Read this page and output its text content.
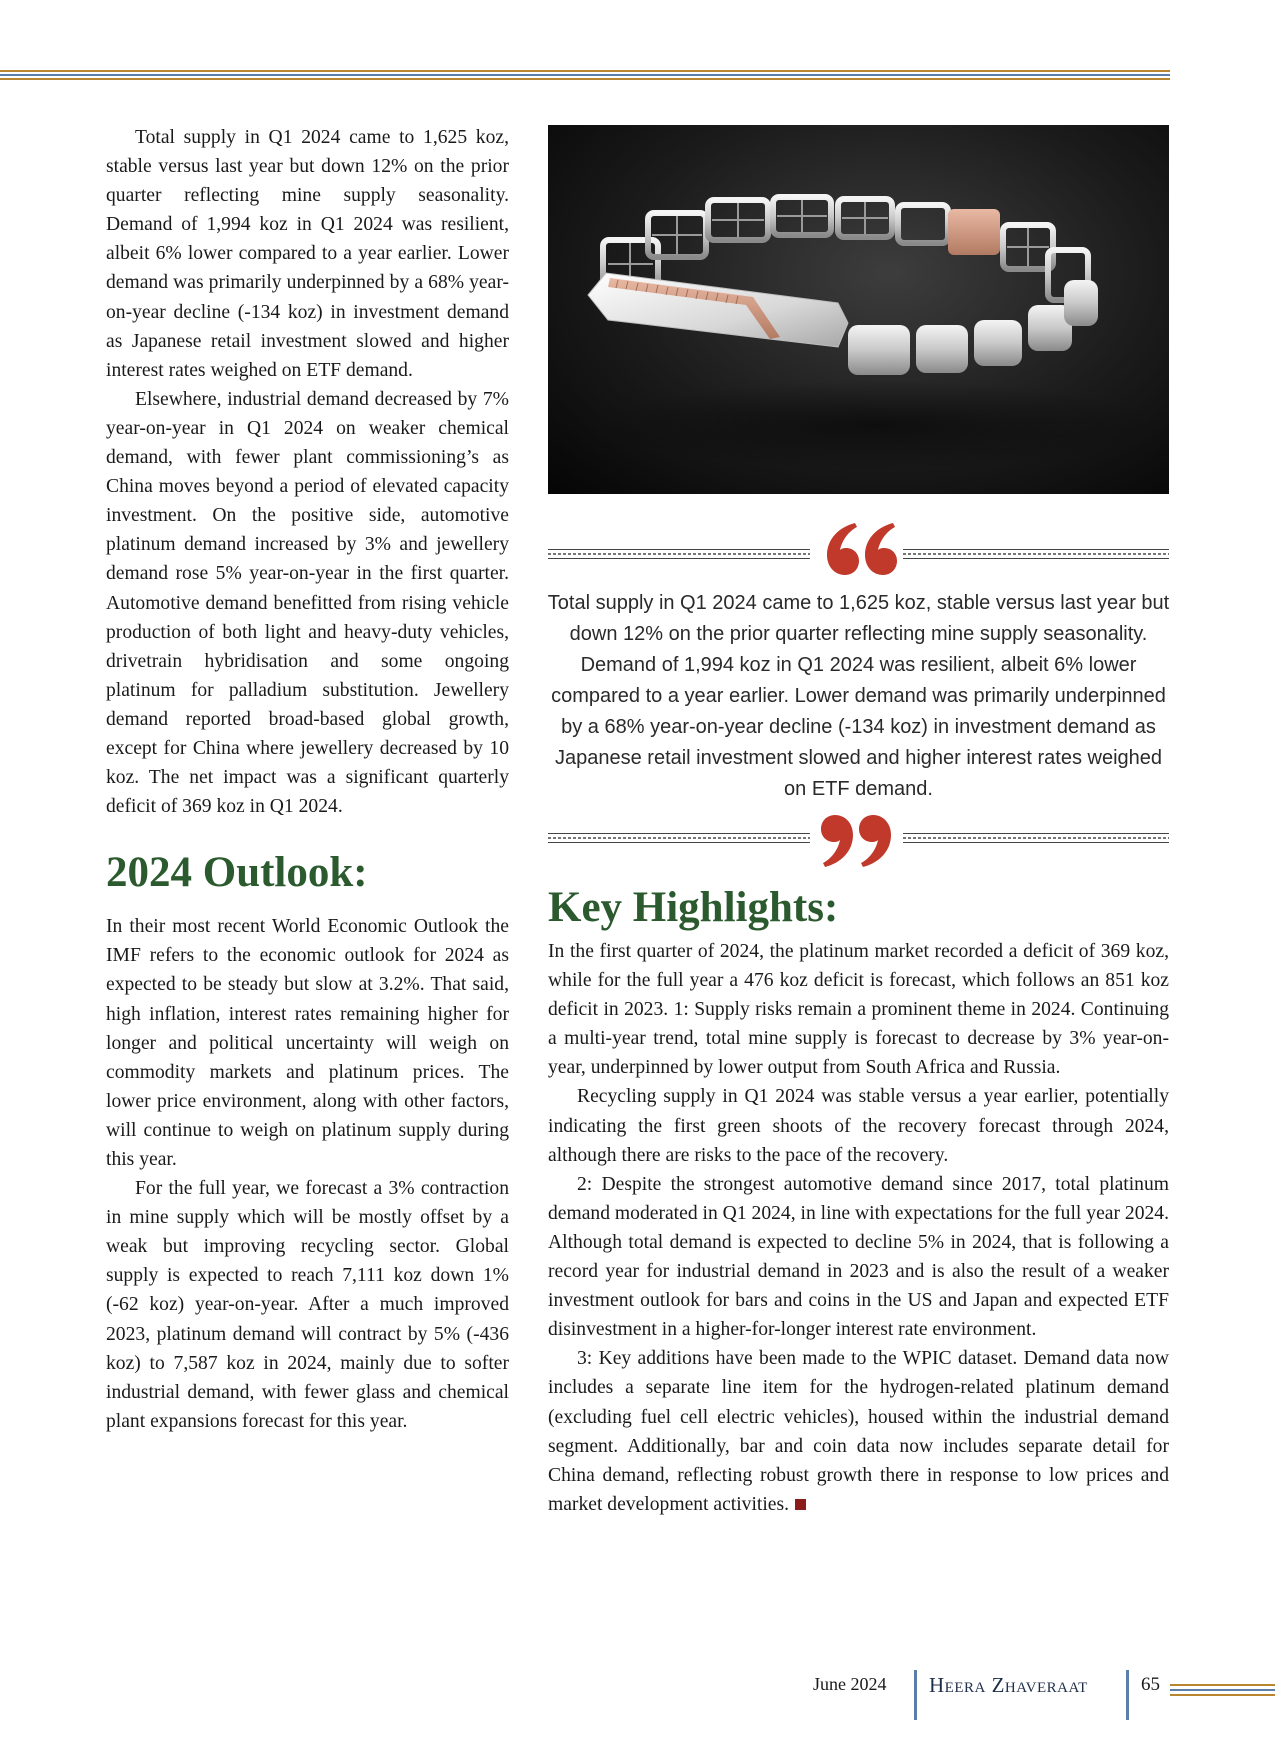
Total supply in Q1 2024 came to 1,625 koz, stable versus last year but down 12% on the prior quarter reflecting mine supply seasonality. Demand of 1,994 koz in Q1 2024 was resilient, albeit 6% lower compared to a year earlier. Lower demand was primarily underpinned by a 68% year-on-year decline (-134 koz) in investment demand as Japanese retail investment slowed and higher interest rates weighed on ETF demand.

Elsewhere, industrial demand decreased by 7% year-on-year in Q1 2024 on weaker chemical demand, with fewer plant commissioning’s as China moves beyond a period of elevated capacity investment. On the positive side, automotive platinum demand increased by 3% and jewellery demand rose 5% year-on-year in the first quarter. Automotive demand benefitted from rising vehicle production of both light and heavy-duty vehicles, drivetrain hybridisation and some ongoing platinum for palladium substitution. Jewellery demand reported broad-based global growth, except for China where jewellery decreased by 10 koz. The net impact was a significant quarterly deficit of 369 koz in Q1 2024.

2024 Outlook:

In their most recent World Economic Outlook the IMF refers to the economic outlook for 2024 as expected to be steady but slow at 3.2%. That said, high inflation, interest rates remaining higher for longer and political uncertainty will weigh on commodity markets and platinum prices. The lower price environment, along with other factors, will continue to weigh on platinum supply during this year.

For the full year, we forecast a 3% contraction in mine supply which will be mostly offset by a weak but improving recycling sector. Global supply is expected to reach 7,111 koz down 1% (-62 koz) year-on-year. After a much improved 2023, platinum demand will contract by 5% (-436 koz) to 7,587 koz in 2024, mainly due to softer industrial demand, with fewer glass and chemical plant expansions forecast for this year.

Total supply in Q1 2024 came to 1,625 koz, stable versus last year but down 12% on the prior quarter reflecting mine supply seasonality. Demand of 1,994 koz in Q1 2024 was resilient, albeit 6% lower compared to a year earlier. Lower demand was primarily underpinned by a 68% year-on-year decline (-134 koz) in investment demand as Japanese retail investment slowed and higher interest rates weighed on ETF demand.
Key Highlights:

In the first quarter of 2024, the platinum market recorded a deficit of 369 koz, while for the full year a 476 koz deficit is forecast, which follows an 851 koz deficit in 2023. 1: Supply risks remain a prominent theme in 2024. Continuing a multi-year trend, total mine supply is forecast to decrease by 3% year-on-year, underpinned by lower output from South Africa and Russia.

Recycling supply in Q1 2024 was stable versus a year earlier, potentially indicating the first green shoots of the recovery forecast through 2024, although there are risks to the pace of the recovery.

2: Despite the strongest automotive demand since 2017, total platinum demand moderated in Q1 2024, in line with expectations for the full year 2024. Although total demand is expected to decline 5% in 2024, that is following a record year for industrial demand in 2023 and is also the result of a weaker investment outlook for bars and coins in the US and Japan and expected ETF disinvestment in a higher-for-longer interest rate environment.

3: Key additions have been made to the WPIC dataset. Demand data now includes a separate line item for the hydrogen-related platinum demand (excluding fuel cell electric vehicles), housed within the industrial demand segment. Additionally, bar and coin data now includes separate detail for China demand, reflecting robust growth there in response to low prices and market development activities.

June 2024 Heera Zhaveraat	65
